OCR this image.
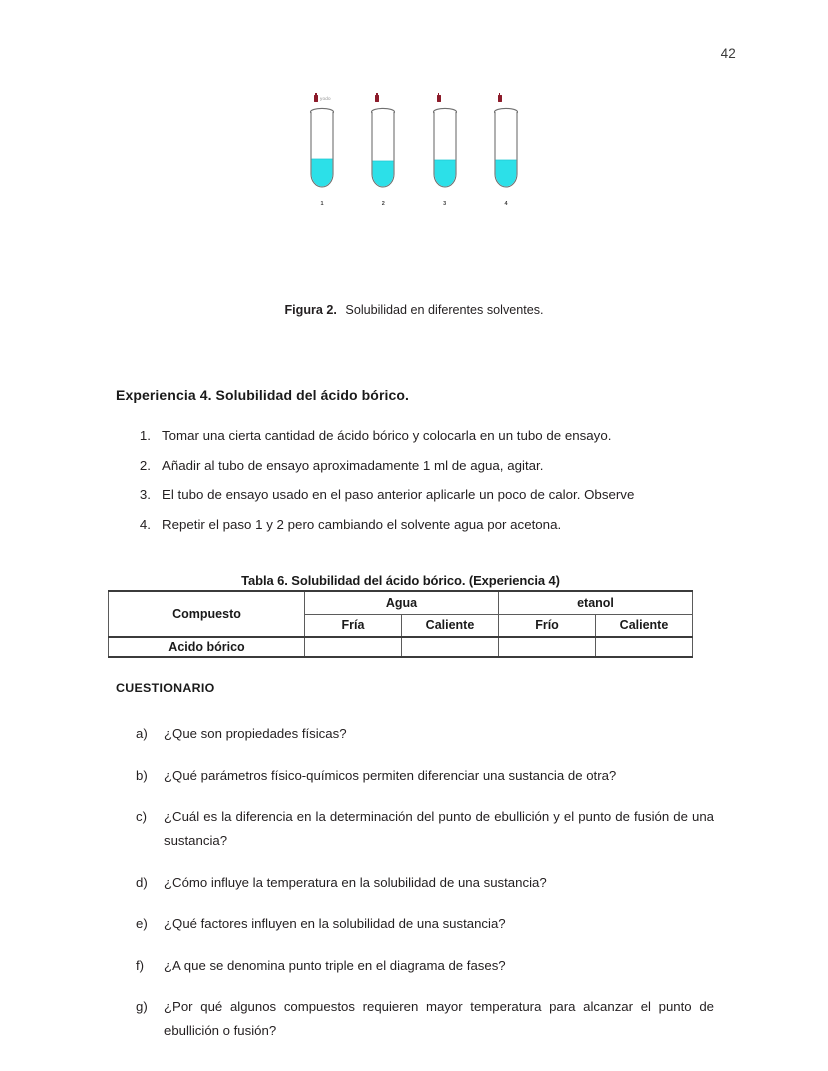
42
yodo
1	2	3	4
Figura 2. Solubilidad en diferentes solventes.
Experiencia 4. Solubilidad del ácido bórico.
1. Tomar una cierta cantidad de ácido bórico y colocarla en un tubo de ensayo.
2. Añadir al tubo de ensayo aproximadamente 1 ml de agua, agitar.
3. El tubo de ensayo usado en el paso anterior aplicarle un poco de calor. Observe
4. Repetir el paso 1 y 2 pero cambiando el solvente agua por acetona.
Tabla 6. Solubilidad del ácido bórico. (Experiencia 4)
Compuesto	Agua		etanol	
	Fría	Caliente	Frío	Caliente
Acido bórico				
CUESTIONARIO
a)	¿Que son propiedades físicas?
b)	¿Qué parámetros físico-químicos permiten diferenciar una sustancia de otra?
c)	¿Cuál es la diferencia en la determinación del punto de ebullición y el punto de fusión de una sustancia?
d)	¿Cómo influye la temperatura en la solubilidad de una sustancia?
e)	¿Qué factores influyen en la solubilidad de una sustancia?
f)	¿A que se denomina punto triple en el diagrama de fases?
g)	¿Por qué algunos compuestos requieren mayor temperatura para alcanzar el punto de ebullición o fusión?
